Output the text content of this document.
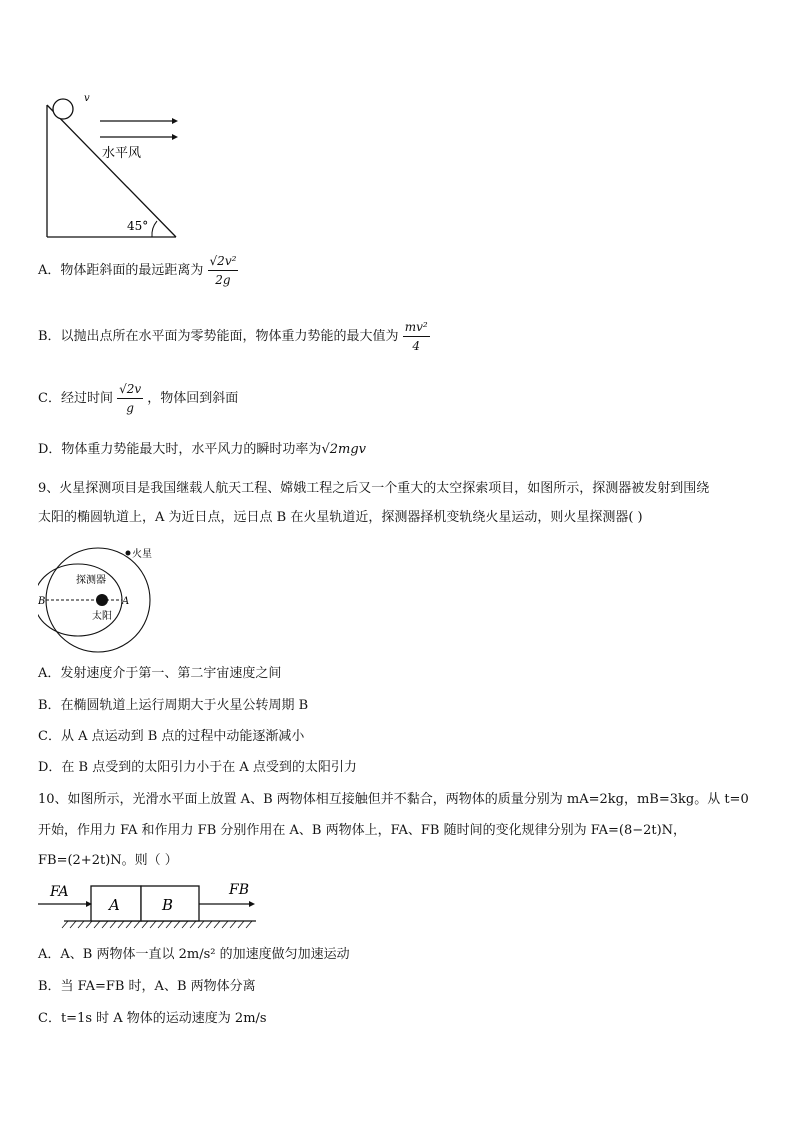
v
水平风
45°
A．物体距斜面的最远距离为 $\frac{\text{√2v²}}{2g}$
B．以抛出点所在水平面为零势能面，物体重力势能的最大值为 $\frac{\text{mv²}}{4}$
C．经过时间 $\frac{√2v}{g}$ ，物体回到斜面
D．物体重力势能最大时，水平风力的瞬时功率为√2mgv
9、火星探测项目是我国继载人航天工程、嫦娥工程之后又一个重大的太空探索项目，如图所示，探测器被发射到围绕
太阳的椭圆轨道上，A 为近日点，远日点 B 在火星轨道近，探测器择机变轨绕火星运动，则火星探测器( )
火星
探测器
太阳
B	A
A．发射速度介于第一、第二宇宙速度之间
B．在椭圆轨道上运行周期大于火星公转周期 B
C．从 A 点运动到 B 点的过程中动能逐渐减小
D．在 B 点受到的太阳引力小于在 A 点受到的太阳引力
10、如图所示，光滑水平面上放置 A、B 两物体相互接触但并不黏合，两物体的质量分别为 mA=2kg，mB=3kg。从 t=0
开始，作用力 FA 和作用力 FB 分别作用在 A、B 两物体上，FA、FB 随时间的变化规律分别为 FA=(8−2t)N，
FB=(2+2t)N。则（ ）
A	B
FA	FB
A．A、B 两物体一直以 2m/s² 的加速度做匀加速运动
B．当 FA=FB 时，A、B 两物体分离
C．t=1s 时 A 物体的运动速度为 2m/s
